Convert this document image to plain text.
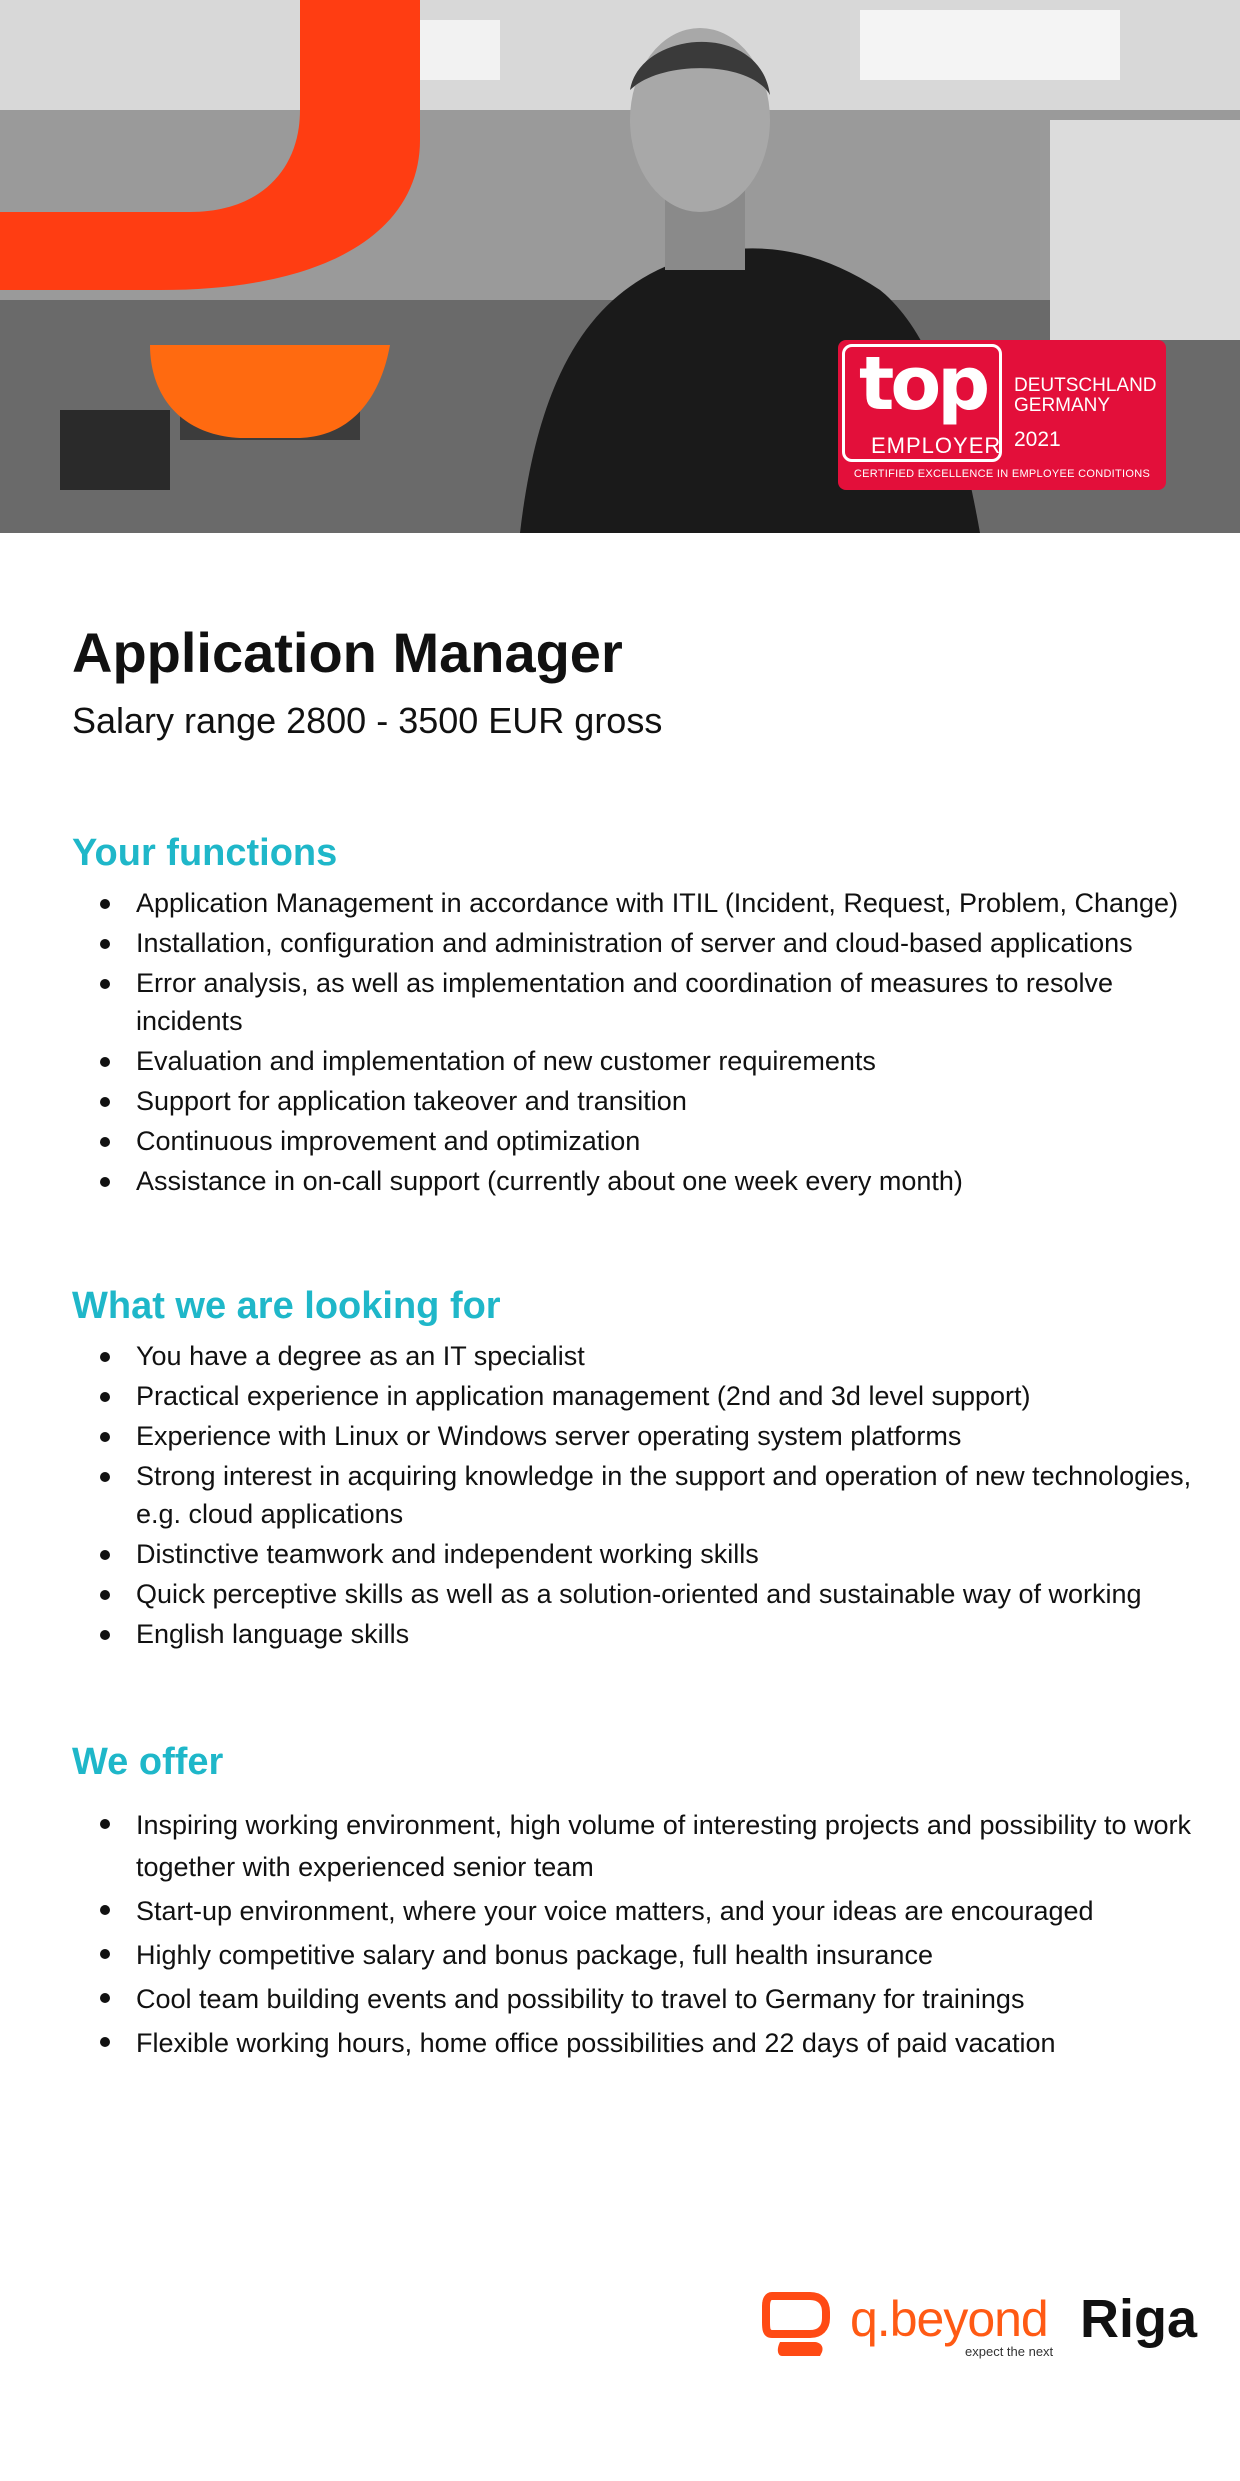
top
EMPLOYER
DEUTSCHLAND
GERMANY
2021
CERTIFIED EXCELLENCE IN EMPLOYEE CONDITIONS
Application Manager

Salary range 2800 - 3500 EUR gross

Your functions
Application Management in accordance with ITIL (Incident, Request, Problem, Change)
Installation, configuration and administration of server and cloud-based applications
Error analysis, as well as implementation and coordination of measures to resolve incidents
Evaluation and implementation of new customer requirements
Support for application takeover and transition
Continuous improvement and optimization
Assistance in on-call support (currently about one week every month)
What we are looking for
You have a degree as an IT specialist
Practical experience in application management (2nd and 3d level support)
Experience with Linux or Windows server operating system platforms
Strong interest in acquiring knowledge in the support and operation of new technologies, e.g. cloud applications
Distinctive teamwork and independent working skills
Quick perceptive skills as well as a solution-oriented and sustainable way of working
English language skills
We offer
Inspiring working environment, high volume of interesting projects and possibility to work together with experienced senior team
Start-up environment, where your voice matters, and your ideas are encouraged
Highly competitive salary and bonus package, full health insurance
Cool team building events and possibility to travel to Germany for trainings
Flexible working hours, home office possibilities and 22 days of paid vacation
q.beyond
expect the next
Riga
